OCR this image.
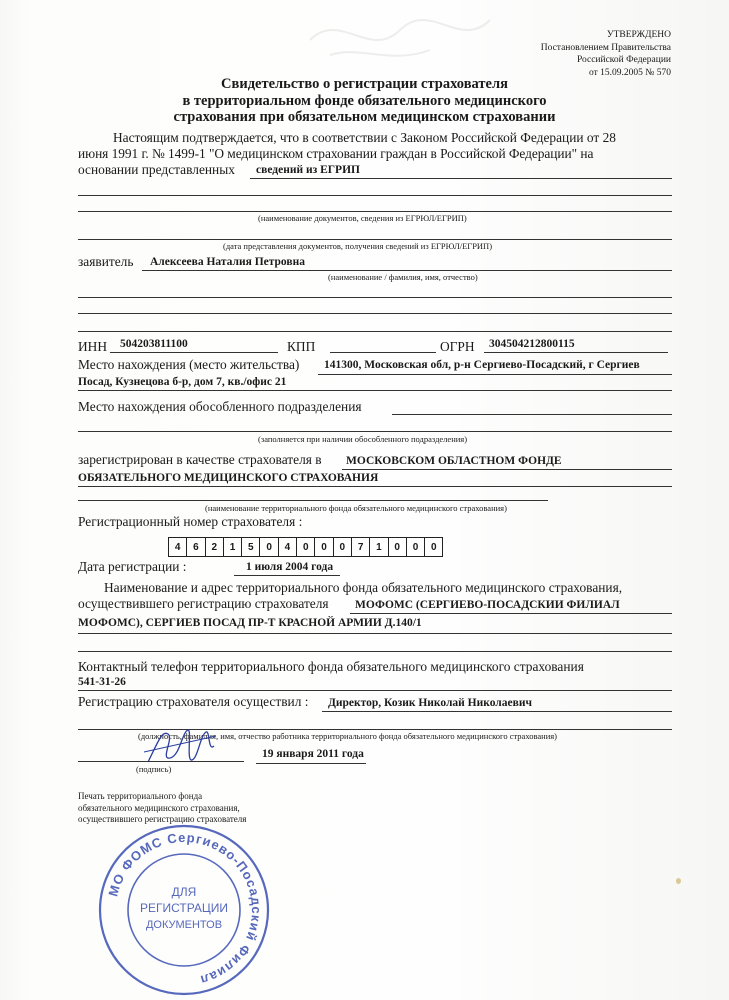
УТВЕРЖДЕНО
Постановлением Правительства
Российской Федерации
от 15.09.2005 № 570
Свидетельство о регистрации страхователя
в территориальном фонде обязательного медицинского
страхования при обязательном медицинском страховании
Настоящим подтверждается, что в соответствии с Законом Российской Федерации от 28
июня 1991 г. № 1499-1 "О медицинском страховании граждан в Российской Федерации" на
основании представленных сведений из ЕГРИП
(наименование документов, сведения из ЕГРЮЛ/ЕГРИП)
(дата представления документов, получения сведений из ЕГРЮЛ/ЕГРИП)
заявитель Алексеева Наталия Петровна
(наименование / фамилия, имя, отчество)
ИНН 504203811100	КПП	ОГРН 304504212800115
Место нахождения (место жительства) 141300, Московская обл, р-н Сергиево-Посадский, г Сергиев
Посад, Кузнецова б-р, дом 7, кв./офис 21
Место нахождения обособленного подразделения
(заполняется при наличии обособленного подразделения)
зарегистрирован в качестве страхователя в МОСКОВСКОМ ОБЛАСТНОМ ФОНДЕ
ОБЯЗАТЕЛЬНОГО МЕДИЦИНСКОГО СТРАХОВАНИЯ
(наименование территориального фонда обязательного медицинского страхования)
Регистрационный номер страхователя :
4	6	2	1	5	0	4	0	0	0	7	1	0	0	0
Дата регистрации :	1 июля 2004 года
Наименование и адрес территориального фонда обязательного медицинского страхования,
осуществившего регистрацию страхователя МОФОМС (СЕРГИЕВО-ПОСАДСКИИ ФИЛИАЛ
МОФОМС), СЕРГИЕВ ПОСАД ПР-Т КРАСНОЙ АРМИИ Д.140/1
Контактный телефон территориального фонда обязательного медицинского страхования
541-31-26
Регистрацию страхователя осуществил : Директор, Козик Николай Николаевич
(должность, фамилия, имя, отчество работника территориального фонда обязательного медицинского страхования)
(подпись)
19 января 2011 года
Печать территориального фонда
обязательного медицинского страхования,
осуществившего регистрацию страхователя
МО ФОМС Сергиево-Посадский Филиал
ДЛЯ
РЕГИСТРАЦИИ
ДОКУМЕНТОВ
